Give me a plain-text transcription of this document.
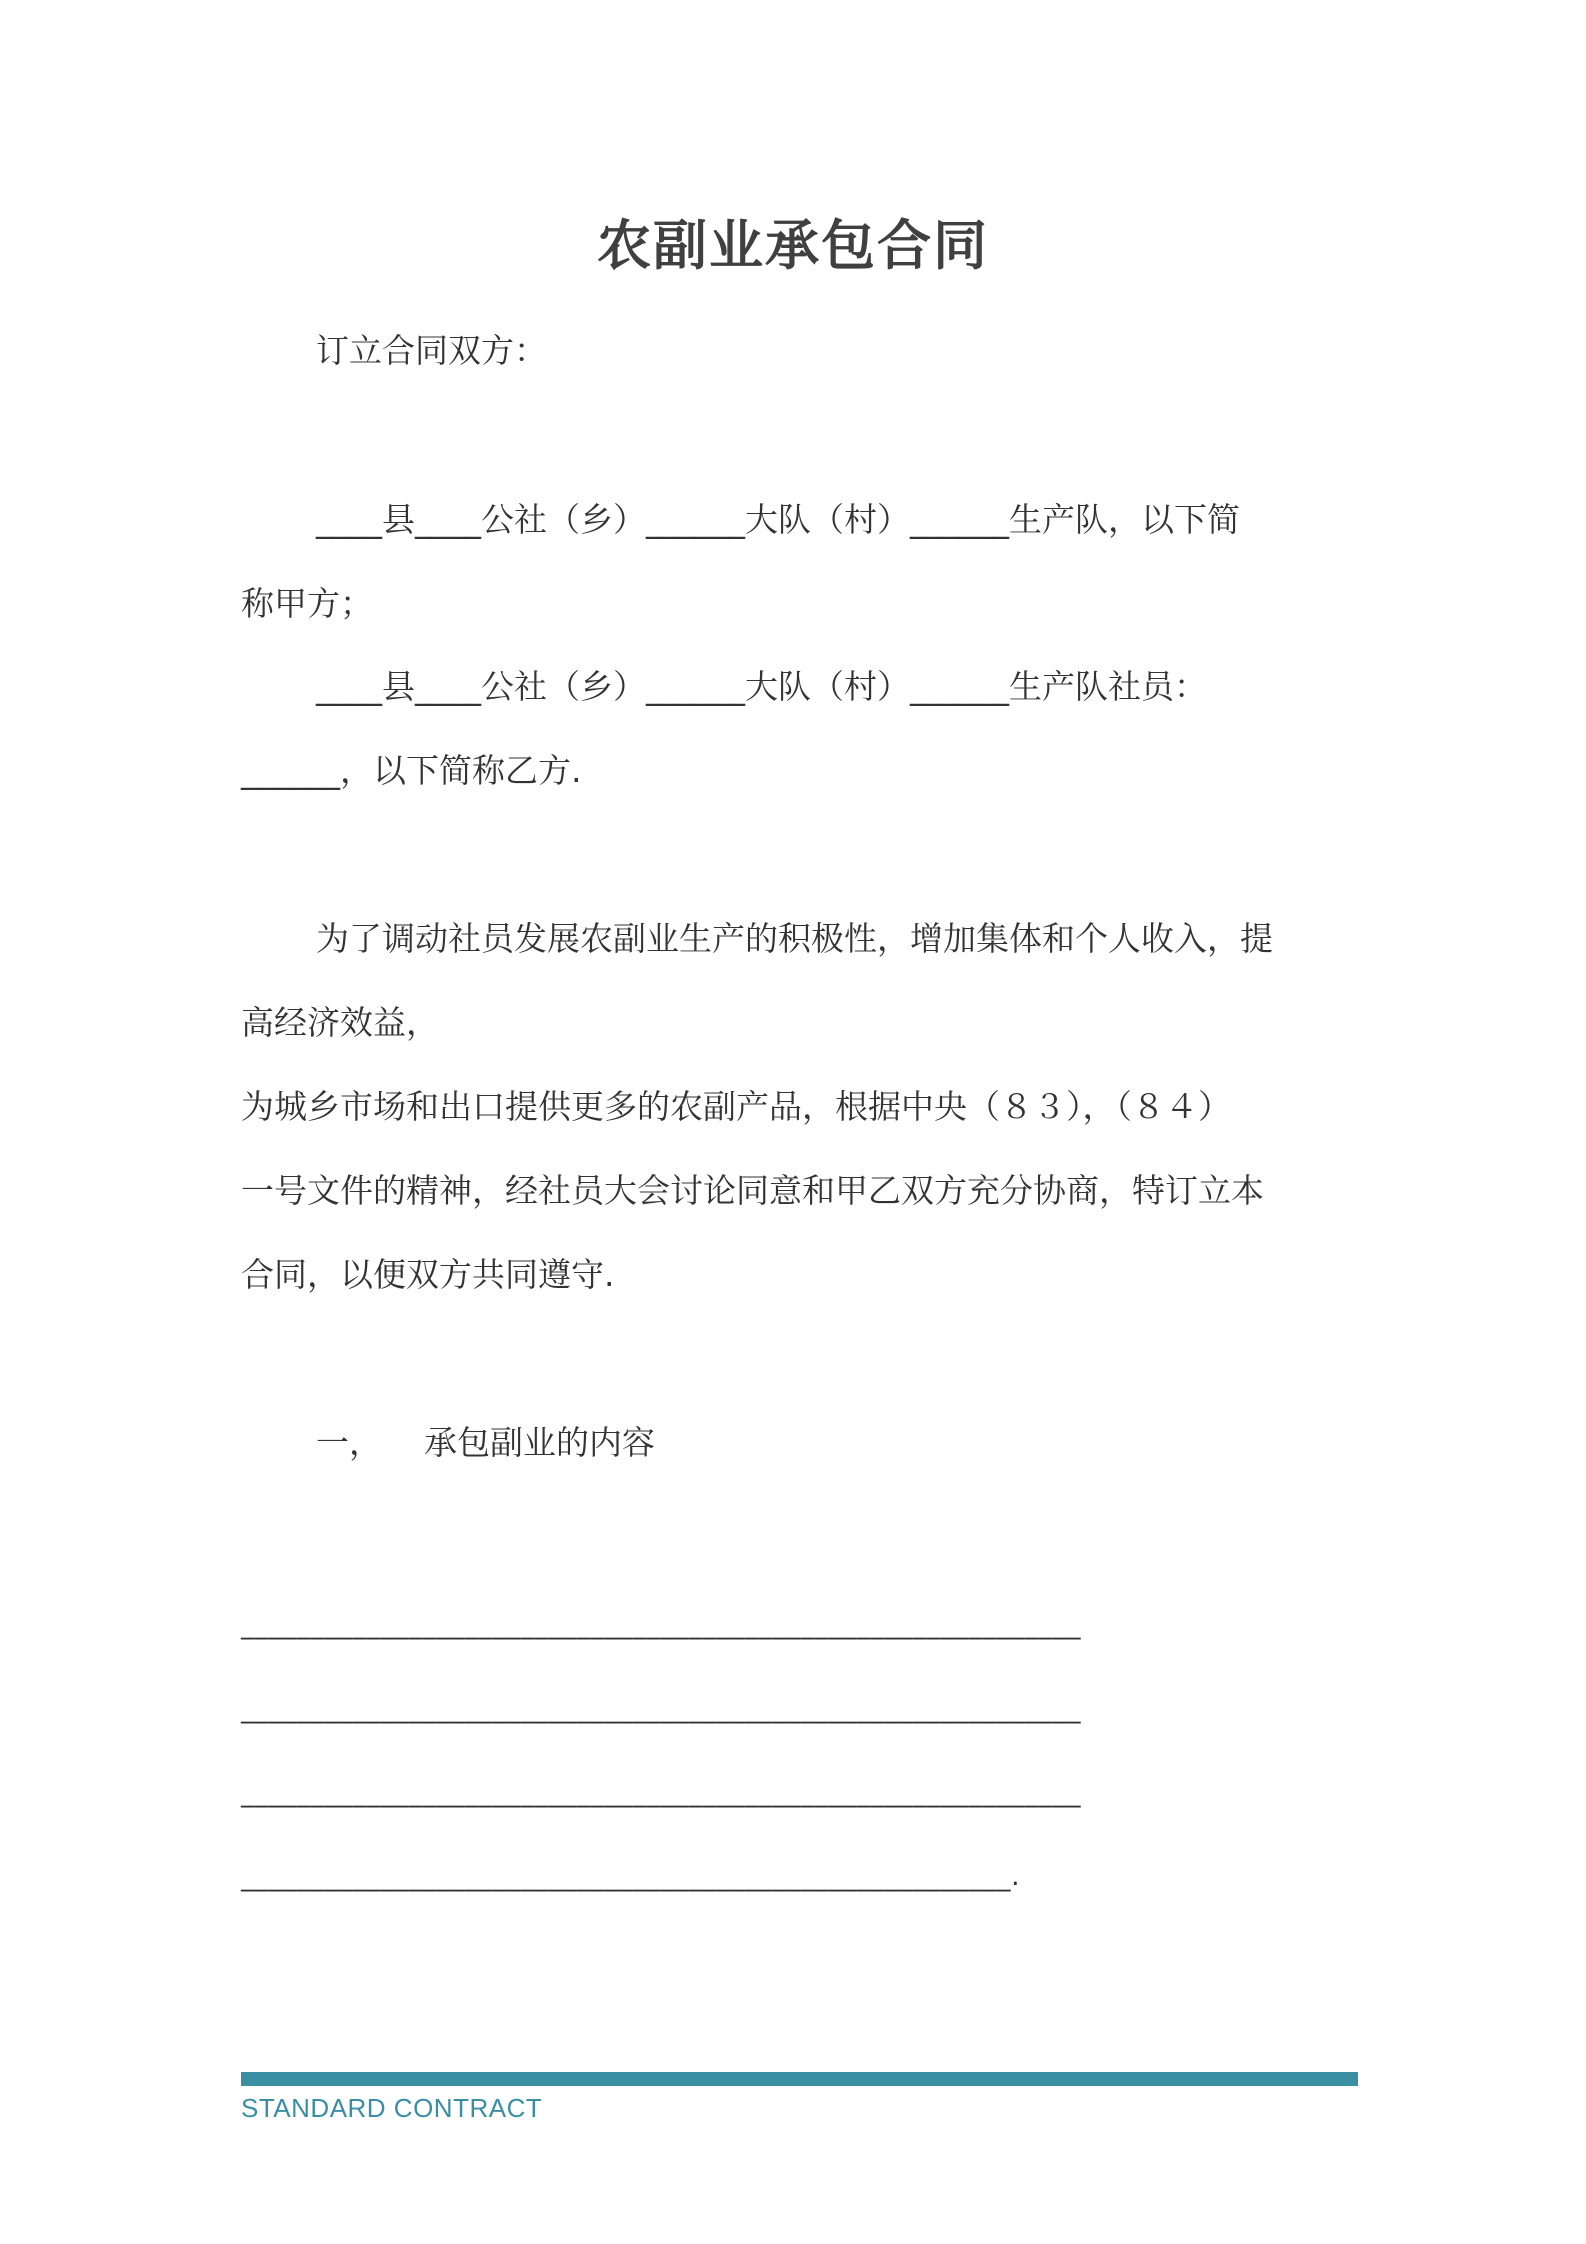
农副业承包合同
订立合同双方：
____县____公社（乡）______大队（村）______生产队，以下简
称甲方；
____县____公社（乡）______大队（村）______生产队社员：
______，以下简称乙方.
为了调动社员发展农副业生产的积极性，增加集体和个人收入，提
高经济效益，
为城乡市场和出口提供更多的农副产品，根据中央（８３），（８４）
一号文件的精神，经社员大会讨论同意和甲乙双方充分协商，特订立本
合同，以便双方共同遵守.
一， 承包副业的内容
____________________________________________________________
____________________________________________________________
____________________________________________________________
_______________________________________________________.
STANDARD CONTRACT
